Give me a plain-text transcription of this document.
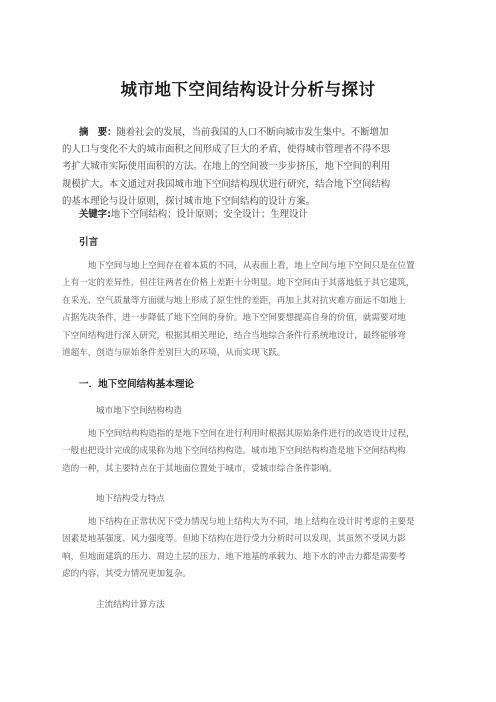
城市地下空间结构设计分析与探讨
摘　要：随着社会的发展，当前我国的人口不断向城市发生集中。不断增加
的人口与变化不大的城市面积之间形成了巨大的矛盾，使得城市管理者不得不思
考扩大城市实际使用面积的方法。在地上的空间被一步步挤压，地下空间的利用
规模扩大。本文通过对我国城市地下空间结构现状进行研究，结合地下空间结构
的基本理论与设计原则，探讨城市地下空间结构的设计方案。
关键字:地下空间结构；设计原则；安全设计；生理设计
引言
地下空间与地上空间存在着本质的不同，从表面上看，地上空间与地下空间只是在位置
上有一定的差异性，但往往两者在价格上差距十分明显。地下空间由于其落地低于其它建筑，
在采光、空气质量等方面就与地上形成了原生性的差距，再加上其对抗灾难方面远不如地上
占据先决条件，进一步降低了地下空间的身价。地下空间要想提高自身的价值，就需要对地
下空间结构进行深入研究，根据其相关理论，结合当地综合条件行系统地设计，最终能够弯
道超车，创造与原始条件差别巨大的环境，从而实现飞跃。
一．地下空间结构基本理论
城市地下空间结构构造
地下空间结构构造指的是地下空间在进行利用时根据其原始条件进行的改造设计过程，
一般也把设计完成的成果称为地下空间结构构造。城市地下空间结构构造是地下空间结构构
造的一种，其主要特点在于其地面位置处于城市，受城市综合条件影响。
地下结构受力特点
地下结构在正常状况下受力情况与地上结构大为不同，地上结构在设计时考虑的主要是
因素是地基强度、风力强度等。但地下结构在进行受力分析时可以发现，其虽然不受风力影
响，但地面建筑的压力、周边土层的压力、地下地基的承载力、地下水的冲击力都是需要考
虑的内容，其受力情况更加复杂。
主流结构计算方法
